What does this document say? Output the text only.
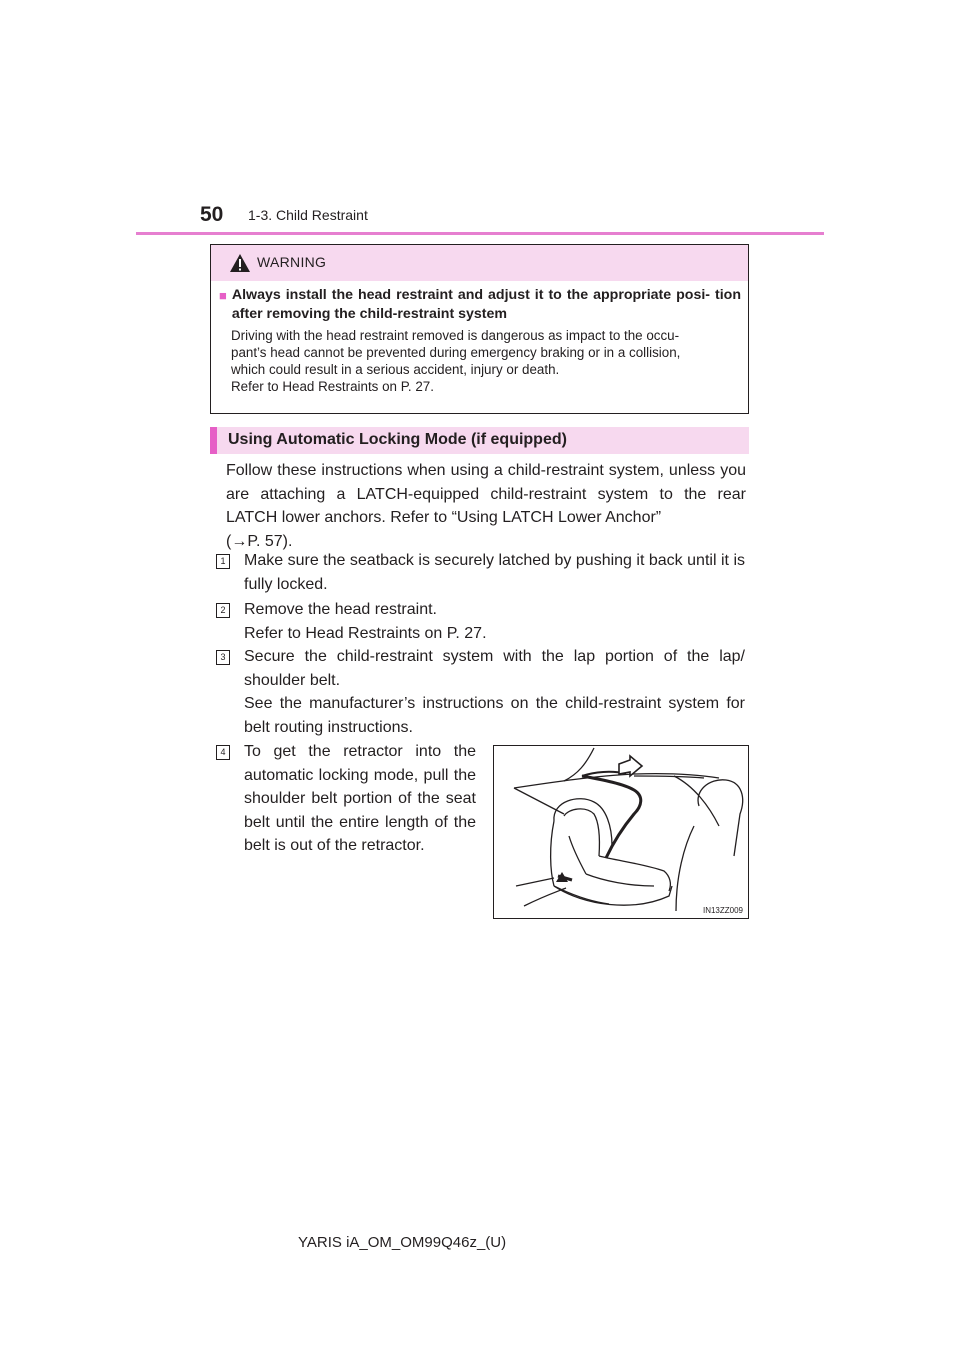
50 1-3. Child Restraint
WARNING
■ Always install the head restraint and adjust it to the appropriate posi- tion after removing the child-restraint system
Driving with the head restraint removed is dangerous as impact to the occu-
pant’s head cannot be prevented during emergency braking or in a collision,
which could result in a serious accident, injury or death.
Refer to Head Restraints on P. 27.
Using Automatic Locking Mode (if equipped)
Follow these instructions when using a child-restraint system, unless you are attaching a LATCH-equipped child-restraint system to the rear LATCH lower anchors. Refer to “Using LATCH Lower Anchor”
(→P. 57).
1 Make sure the seatback is securely latched by pushing it back until it is fully locked.
2 Remove the head restraint.
Refer to Head Restraints on P. 27.
3 Secure the child-restraint system with the lap portion of the lap/ shoulder belt.
See the manufacturer’s instructions on the child-restraint system for belt routing instructions.
4 To get the retractor into the automatic locking mode, pull the shoulder belt portion of the seat belt until the entire length of the belt is out of the retractor.
IN13ZZ009
YARIS iA_OM_OM99Q46z_(U)
